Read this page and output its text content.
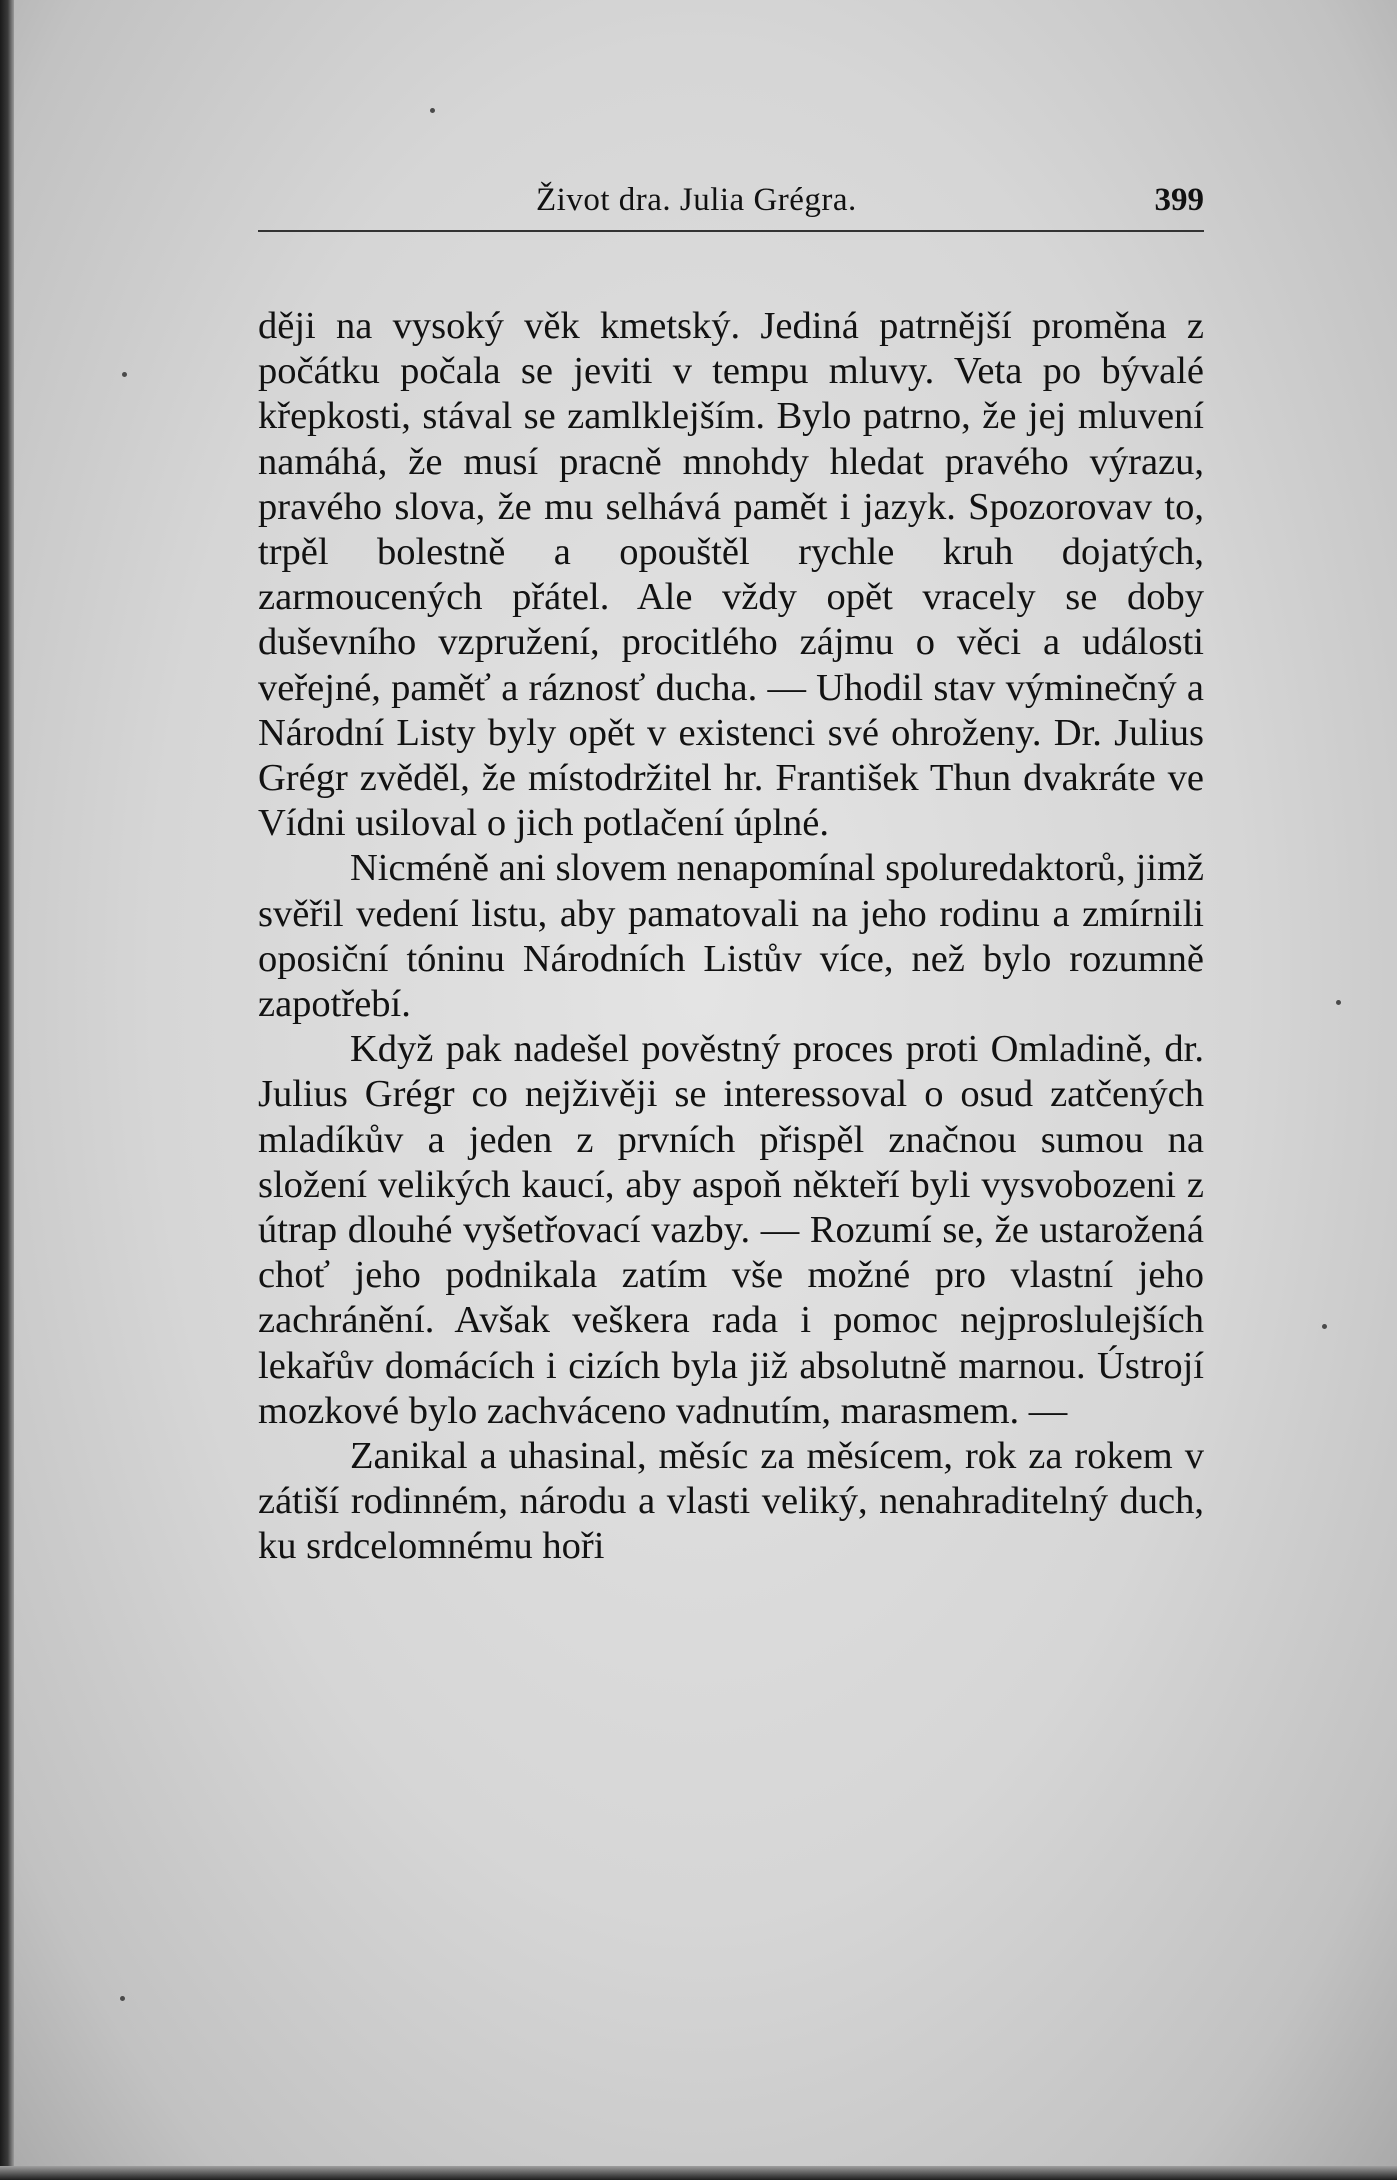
Život dra. Julia Grégra.	399

ději na vysoký věk kmetský. Jediná patrnější proměna z počátku počala se jeviti v tempu mluvy. Veta po bývalé křepkosti, stával se zamlklejším. Bylo patrno, že jej mluvení namáhá, že musí pracně mnohdy hledat pravého výrazu, pravého slova, že mu selhává pamět i jazyk. Spozorovav to, trpěl bolestně a opouštěl rychle kruh dojatých, zarmoucených přátel. Ale vždy opět vracely se doby duševního vzpružení, procitlého zájmu o věci a události veřejné, paměť a ráznosť ducha. — Uhodil stav výminečný a Národní Listy byly opět v existenci své ohroženy. Dr. Julius Grégr zvěděl, že místodržitel hr. František Thun dvakráte ve Vídni usiloval o jich potlačení úplné.

Nicméně ani slovem nenapomínal spoluredaktorů, jimž svěřil vedení listu, aby pamatovali na jeho rodinu a zmírnili oposiční tóninu Národních Listův více, než bylo rozumně zapotřebí.

Když pak nadešel pověstný proces proti Omladině, dr. Julius Grégr co nejživěji se interessoval o osud zatčených mladíkův a jeden z prvních přispěl značnou sumou na složení velikých kaucí, aby aspoň někteří byli vysvobozeni z útrap dlouhé vyšetřovací vazby. — Rozumí se, že ustarožená choť jeho podnikala zatím vše možné pro vlastní jeho zachránění. Avšak veškera rada i pomoc nejproslulejších lekařův domácích i cizích byla již absolutně marnou. Ústrojí mozkové bylo zachváceno vadnutím, marasmem. —

Zanikal a uhasinal, měsíc za měsícem, rok za rokem v zátiší rodinném, národu a vlasti veliký, nenahraditelný duch, ku srdcelomnému hoři
